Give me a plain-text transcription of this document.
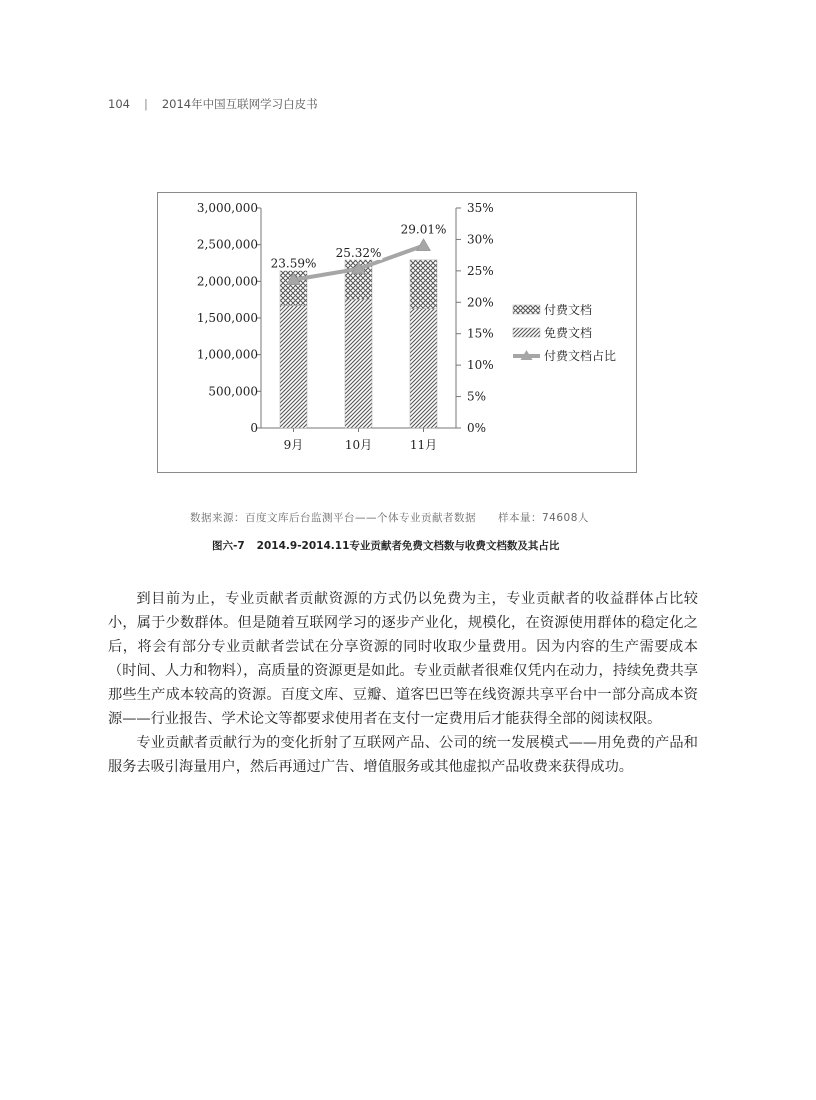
104 | 2014年中国互联网学习白皮书
0
500,000
1,000,000
1,500,000
2,000,000
2,500,000
3,000,000
0%
5%
10%
15%
20%
25%
30%
35%
9月	10月	11月
23.59%
25.32%
29.01%
付费文档
免费文档
付费文档占比
数据来源：百度文库后台监测平台——个体专业贡献者数据 样本量：74608人
图六-7 2014.9-2014.11专业贡献者免费文档数与收费文档数及其占比

到目前为止，专业贡献者贡献资源的方式仍以免费为主，专业贡献者的收益群体占比较小，属于少数群体。但是随着互联网学习的逐步产业化，规模化，在资源使用群体的稳定化之后，将会有部分专业贡献者尝试在分享资源的同时收取少量费用。因为内容的生产需要成本（时间、人力和物料），高质量的资源更是如此。专业贡献者很难仅凭内在动力，持续免费共享那些生产成本较高的资源。百度文库、豆瓣、道客巴巴等在线资源共享平台中一部分高成本资源——行业报告、学术论文等都要求使用者在支付一定费用后才能获得全部的阅读权限。

专业贡献者贡献行为的变化折射了互联网产品、公司的统一发展模式——用免费的产品和服务去吸引海量用户，然后再通过广告、增值服务或其他虚拟产品收费来获得成功。
